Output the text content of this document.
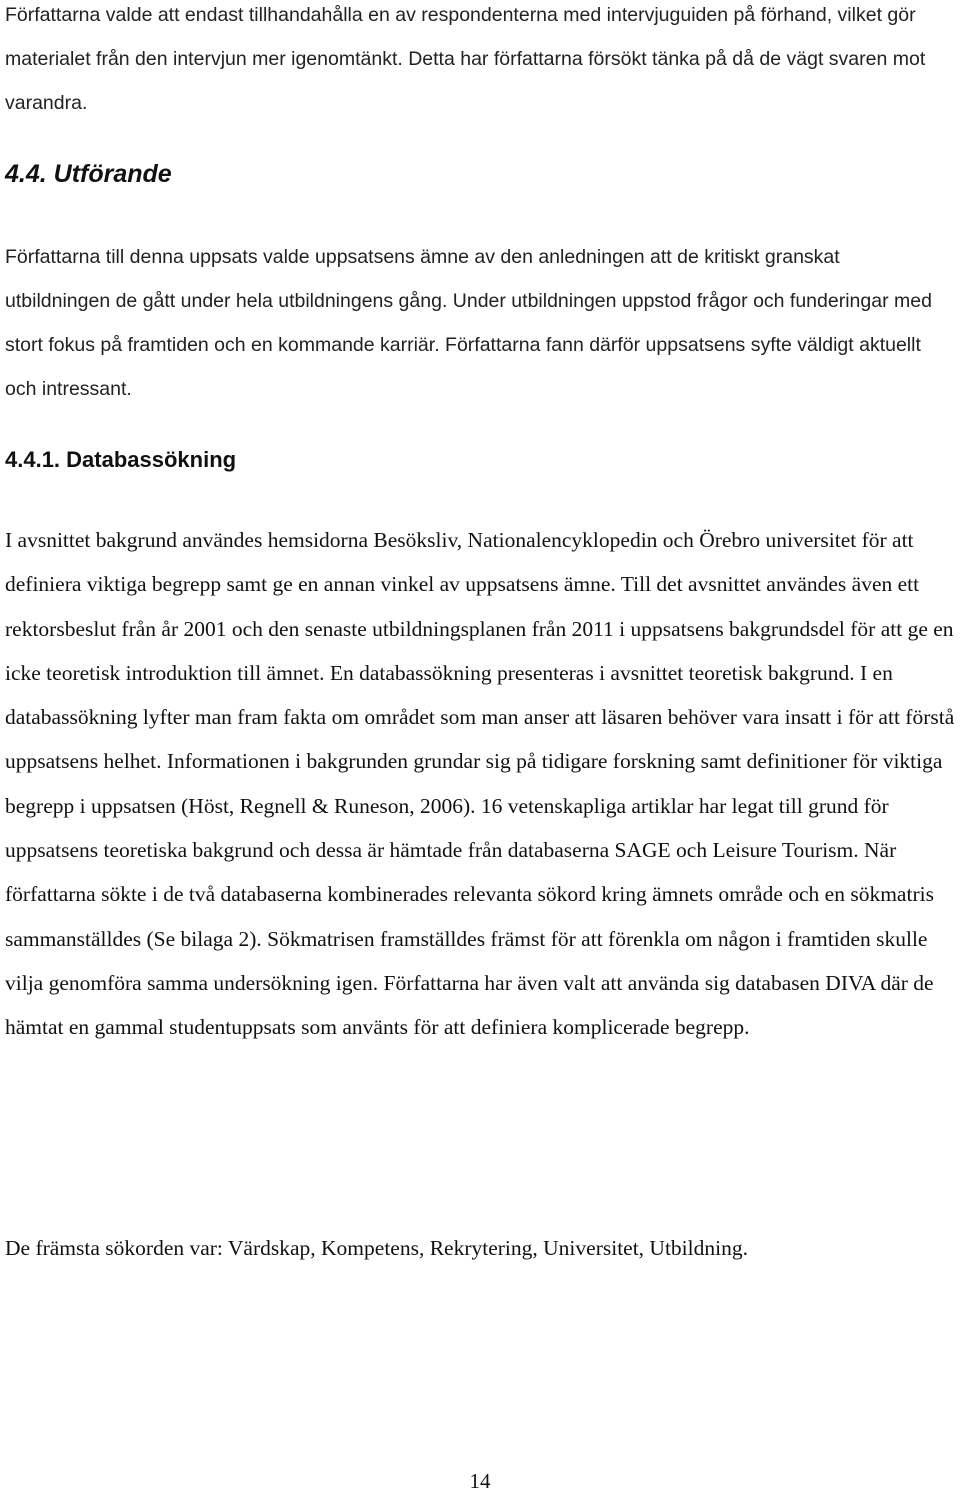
Författarna valde att endast tillhandahålla en av respondenterna med intervjuguiden på förhand, vilket gör materialet från den intervjun mer igenomtänkt. Detta har författarna försökt tänka på då de vägt svaren mot varandra.

4.4. Utförande

Författarna till denna uppsats valde uppsatsens ämne av den anledningen att de kritiskt granskat utbildningen de gått under hela utbildningens gång. Under utbildningen uppstod frågor och funderingar med stort fokus på framtiden och en kommande karriär. Författarna fann därför uppsatsens syfte väldigt aktuellt och intressant.

4.4.1. Databassökning

I avsnittet bakgrund användes hemsidorna Besöksliv, Nationalencyklopedin och Örebro universitet för att definiera viktiga begrepp samt ge en annan vinkel av uppsatsens ämne. Till det avsnittet användes även ett rektorsbeslut från år 2001 och den senaste utbildningsplanen från 2011 i uppsatsens bakgrundsdel för att ge en icke teoretisk introduktion till ämnet. En databassökning presenteras i avsnittet teoretisk bakgrund. I en databassökning lyfter man fram fakta om området som man anser att läsaren behöver vara insatt i för att förstå uppsatsens helhet. Informationen i bakgrunden grundar sig på tidigare forskning samt definitioner för viktiga begrepp i uppsatsen (Höst, Regnell & Runeson, 2006). 16 vetenskapliga artiklar har legat till grund för uppsatsens teoretiska bakgrund och dessa är hämtade från databaserna SAGE och Leisure Tourism. När författarna sökte i de två databaserna kombinerades relevanta sökord kring ämnets område och en sökmatris sammanställdes (Se bilaga 2). Sökmatrisen framställdes främst för att förenkla om någon i framtiden skulle vilja genomföra samma undersökning igen. Författarna har även valt att använda sig databasen DIVA där de hämtat en gammal studentuppsats som använts för att definiera komplicerade begrepp.

De främsta sökorden var: Värdskap, Kompetens, Rekrytering, Universitet, Utbildning.

14
